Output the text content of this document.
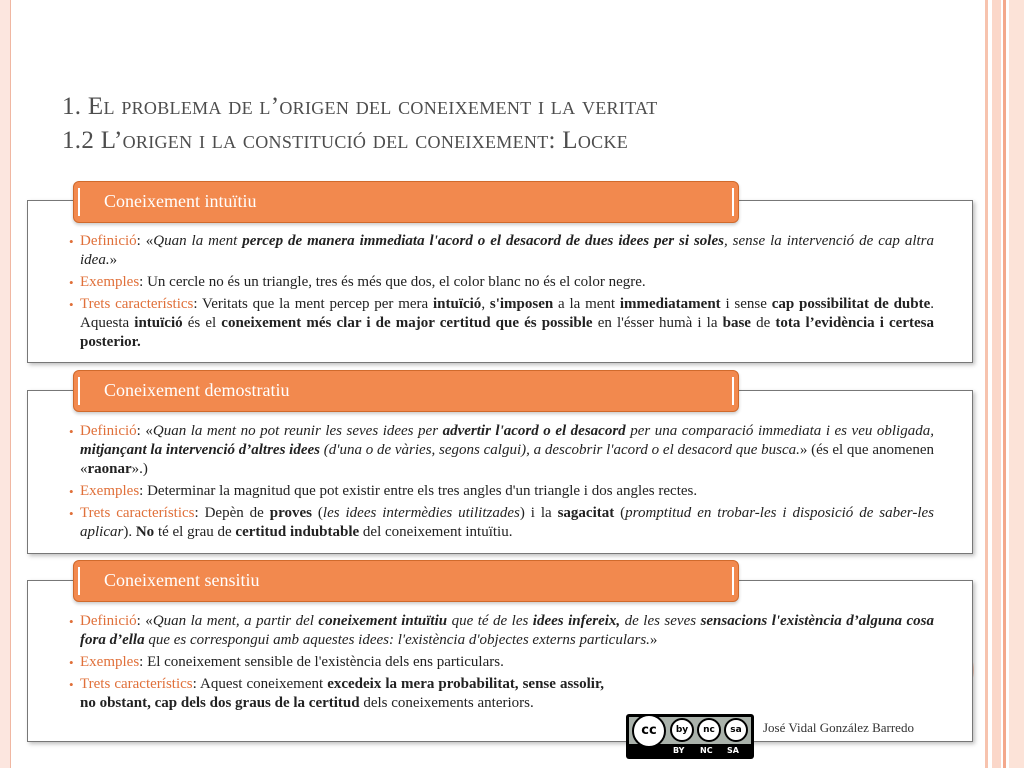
1. El problema de l’origen del coneixement i la veritat
1.2 L’origen i la constitució del coneixement: Locke
• Definició: «Quan la ment percep de manera immediata l'acord o el desacord de dues idees per si soles, sense la intervenció de cap altra idea.»
• Exemples: Un cercle no és un triangle, tres és més que dos, el color blanc no és el color negre.
• Trets característics: Veritats que la ment percep per mera intuïció, s'imposen a la ment immediatament i sense cap possibilitat de dubte. Aquesta intuïció és el coneixement més clar i de major certitud que és possible en l'ésser humà i la base de tota l’evidència i certesa posterior.
Coneixement intuïtiu
• Definició: «Quan la ment no pot reunir les seves idees per advertir l'acord o el desacord per una comparació immediata i es veu obligada, mitjançant la intervenció d’altres idees (d'una o de vàries, segons calgui), a descobrir l'acord o el desacord que busca.» (és el que anomenen «raonar».)
• Exemples: Determinar la magnitud que pot existir entre els tres angles d'un triangle i dos angles rectes.
• Trets característics: Depèn de proves (les idees intermèdies utilitzades) i la sagacitat (promptitud en trobar-les i disposició de saber-les aplicar). No té el grau de certitud indubtable del coneixement intuïtiu.
Coneixement demostratiu
• Definició: «Quan la ment, a partir del coneixement intuïtiu que té de les idees infereix, de les seves sensacions l'existència d’alguna cosa fora d’ella que es correspongui amb aquestes idees: l'existència d'objectes externs particulars.»
• Exemples: El coneixement sensible de l'existència dels ens particulars.
• Trets característics: Aquest coneixement excedeix la mera probabilitat, sense assolir, no obstant, cap dels dos graus de la certitud dels coneixements anteriors.
Coneixement sensitiu
cc	by	nc	sa
BY NC SA
José Vidal González Barredo
